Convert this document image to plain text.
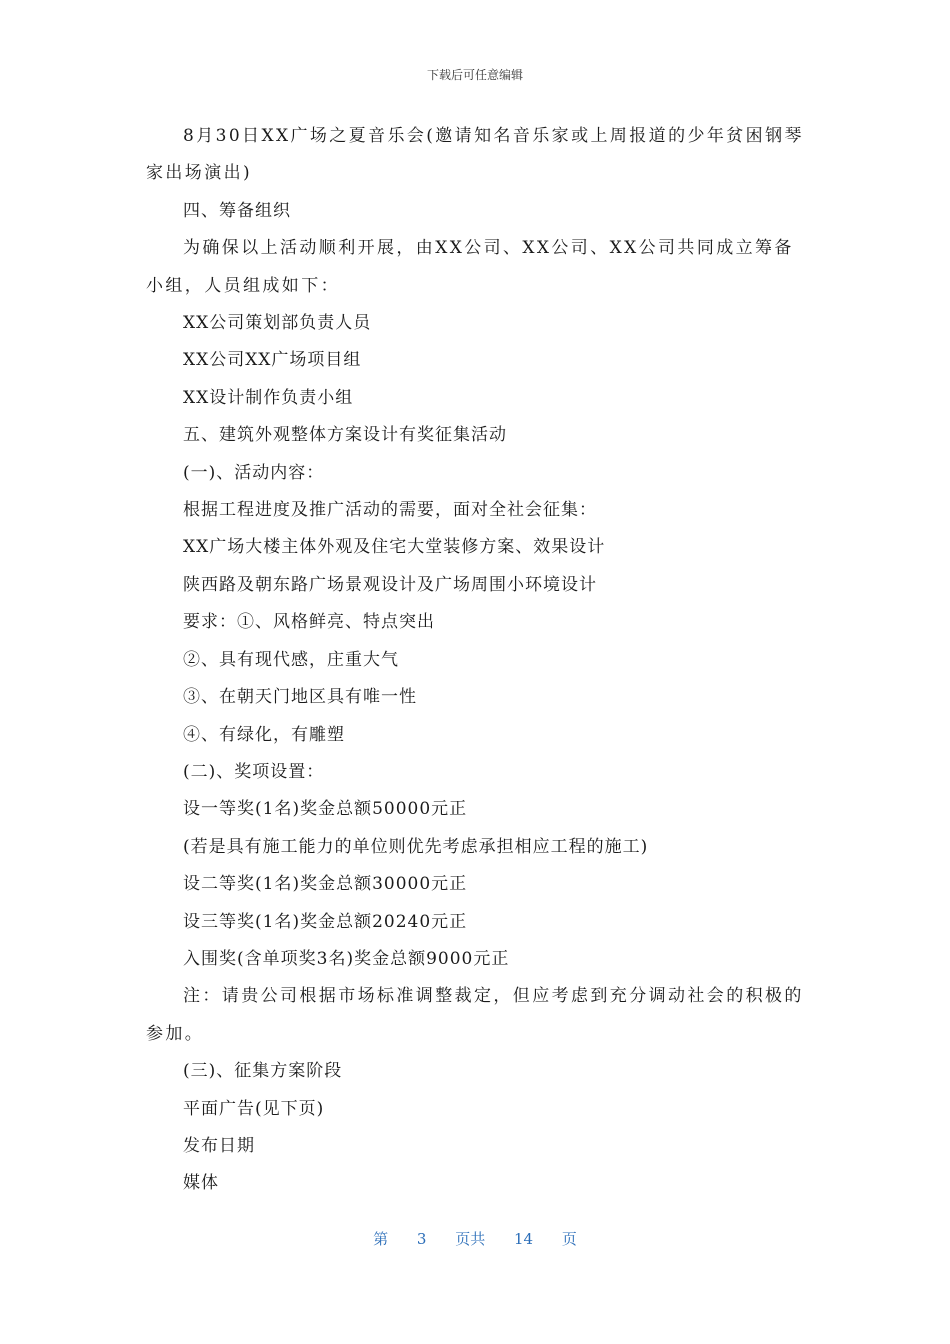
下载后可任意编辑
8月30日XX广场之夏音乐会(邀请知名音乐家或上周报道的少年贫困钢琴家出场演出)
四、筹备组织
为确保以上活动顺利开展，由XX公司、XX公司、XX公司共同成立筹备小组，人员组成如下：
XX公司策划部负责人员
XX公司XX广场项目组
XX设计制作负责小组
五、建筑外观整体方案设计有奖征集活动
(一)、活动内容：
根据工程进度及推广活动的需要，面对全社会征集：
XX广场大楼主体外观及住宅大堂装修方案、效果设计
陕西路及朝东路广场景观设计及广场周围小环境设计
要求：①、风格鲜亮、特点突出
②、具有现代感，庄重大气
③、在朝天门地区具有唯一性
④、有绿化，有雕塑
(二)、奖项设置：
设一等奖(1名)奖金总额50000元正
(若是具有施工能力的单位则优先考虑承担相应工程的施工)
设二等奖(1名)奖金总额30000元正
设三等奖(1名)奖金总额20240元正
入围奖(含单项奖3名)奖金总额9000元正
注：请贵公司根据市场标准调整裁定，但应考虑到充分调动社会的积极的参加。
(三)、征集方案阶段
平面广告(见下页)
发布日期
媒体
第 3 页共 14 页
